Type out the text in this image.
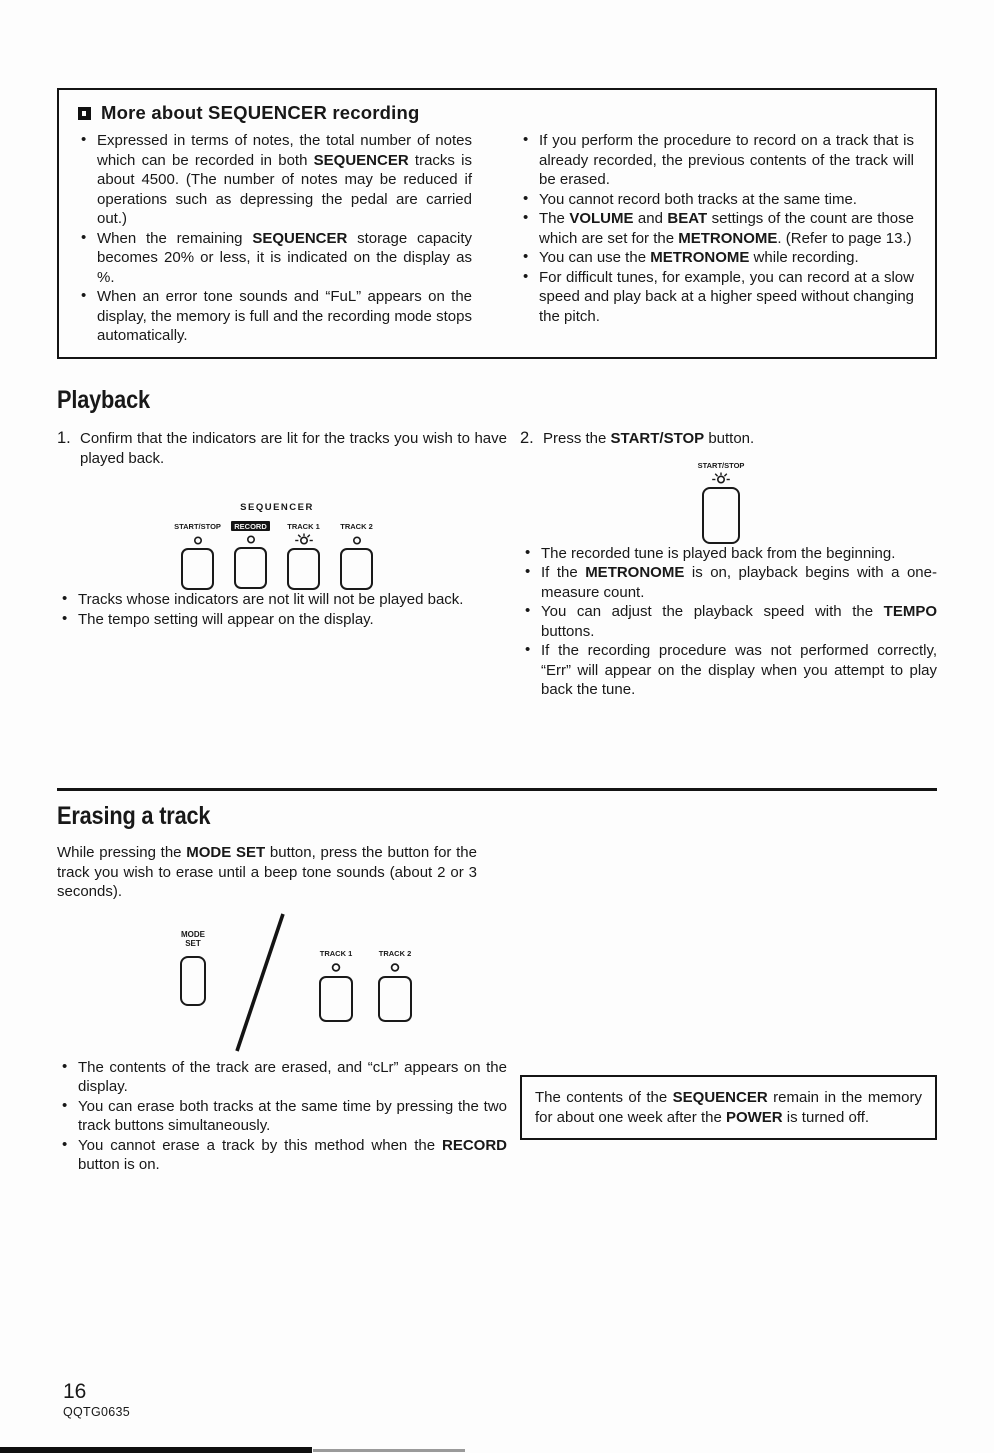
More about SEQUENCER recording
• Expressed in terms of notes, the total number of notes which can be recorded in both SEQUENCER tracks is about 4500. (The number of notes may be reduced if operations such as depressing the pedal are carried out.)
• When the remaining SEQUENCER storage capacity becomes 20% or less, it is indicated on the display as %.
• When an error tone sounds and “FuL” appears on the display, the memory is full and the recording mode stops automatically.
• If you perform the procedure to record on a track that is already recorded, the previous contents of the track will be erased.
• You cannot record both tracks at the same time.
• The VOLUME and BEAT settings of the count are those which are set for the METRONOME. (Refer to page 13.)
• You can use the METRONOME while recording.
• For difficult tunes, for example, you can record at a slow speed and play back at a higher speed without changing the pitch.
Playback
1. Confirm that the indicators are lit for the tracks you wish to have played back.
SEQUENCER
START/STOP	RECORD	TRACK 1	TRACK 2
• Tracks whose indicators are not lit will not be played back.
• The tempo setting will appear on the display.
2. Press the START/STOP button.
START/STOP
• The recorded tune is played back from the beginning.
• If the METRONOME is on, playback begins with a one-measure count.
• You can adjust the playback speed with the TEMPO buttons.
• If the recording procedure was not performed correctly, “Err” will appear on the display when you attempt to play back the tune.
Erasing a track

While pressing the MODE SET button, press the button for the track you wish to erase until a beep tone sounds (about 2 or 3 seconds).

MODE
SET
TRACK 1	TRACK 2
• The contents of the track are erased, and “cLr” appears on the display.
• You can erase both tracks at the same time by pressing the two track buttons simultaneously.
• You cannot erase a track by this method when the RECORD button is on.
The contents of the SEQUENCER remain in the memory for about one week after the POWER is turned off.
16
QQTG0635
